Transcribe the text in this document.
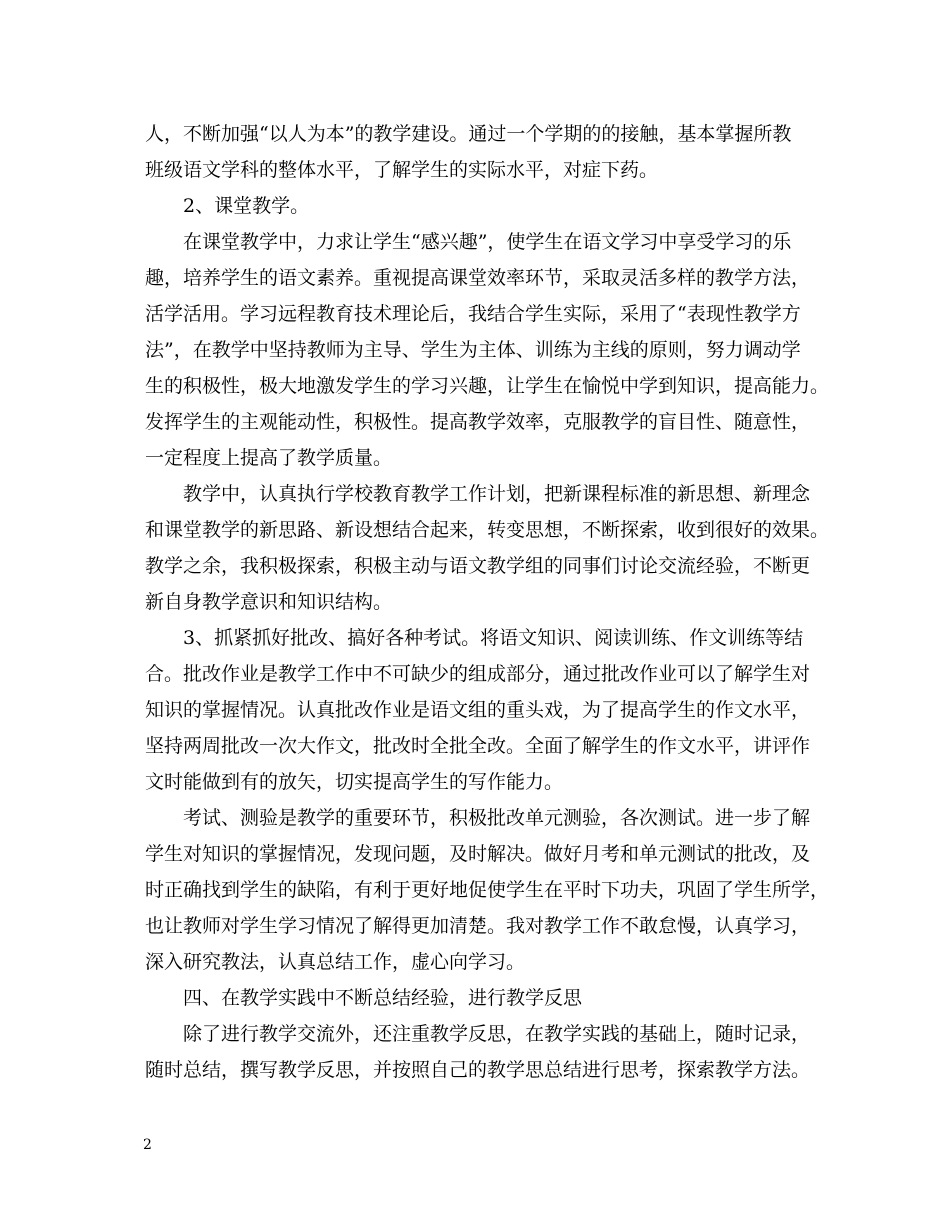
人，不断加强“以人为本”的教学建设。通过一个学期的的接触，基本掌握所教
班级语文学科的整体水平，了解学生的实际水平，对症下药。
2、课堂教学。
在课堂教学中，力求让学生“感兴趣”，使学生在语文学习中享受学习的乐
趣，培养学生的语文素养。重视提高课堂效率环节，采取灵活多样的教学方法，
活学活用。学习远程教育技术理论后，我结合学生实际，采用了“表现性教学方
法”，在教学中坚持教师为主导、学生为主体、训练为主线的原则，努力调动学
生的积极性，极大地激发学生的学习兴趣，让学生在愉悦中学到知识，提高能力。
发挥学生的主观能动性，积极性。提高教学效率，克服教学的盲目性、随意性，
一定程度上提高了教学质量。
教学中，认真执行学校教育教学工作计划，把新课程标准的新思想、新理念
和课堂教学的新思路、新设想结合起来，转变思想，不断探索，收到很好的效果。
教学之余，我积极探索，积极主动与语文教学组的同事们讨论交流经验，不断更
新自身教学意识和知识结构。
3、抓紧抓好批改、搞好各种考试。将语文知识、阅读训练、作文训练等结
合。批改作业是教学工作中不可缺少的组成部分，通过批改作业可以了解学生对
知识的掌握情况。认真批改作业是语文组的重头戏，为了提高学生的作文水平，
坚持两周批改一次大作文，批改时全批全改。全面了解学生的作文水平，讲评作
文时能做到有的放矢，切实提高学生的写作能力。
考试、测验是教学的重要环节，积极批改单元测验，各次测试。进一步了解
学生对知识的掌握情况，发现问题，及时解决。做好月考和单元测试的批改，及
时正确找到学生的缺陷，有利于更好地促使学生在平时下功夫，巩固了学生所学，
也让教师对学生学习情况了解得更加清楚。我对教学工作不敢怠慢，认真学习，
深入研究教法，认真总结工作，虚心向学习。
四、在教学实践中不断总结经验，进行教学反思
除了进行教学交流外，还注重教学反思，在教学实践的基础上，随时记录，
随时总结，撰写教学反思，并按照自己的教学思总结进行思考，探索教学方法。
2
